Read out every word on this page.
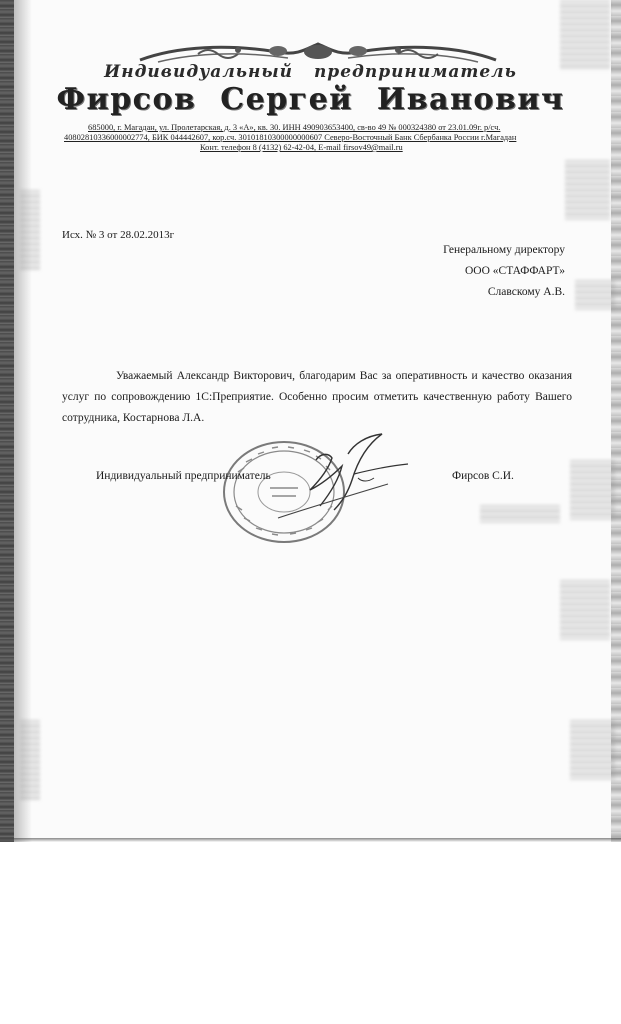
Индивидуальный предприниматель
Фирсов Сергей Иванович
685000, г. Магадан, ул. Пролетарская, д. 3 «А», кв. 30. ИНН 490903653400, св-во 49 № 000324380 от 23.01.09г. р/сч.
40802810336000002774, БИК 044442607, кор.сч. 30101810300000000607 Северо-Восточный Банк Сбербанка России г.Магадан
Конт. телефон 8 (4132) 62-42-04, E-mail firsov49@mail.ru
Исх. № 3 от 28.02.2013г
Генеральному директору
ООО «СТАФФАРТ»
Славскому А.В.
Уважаемый Александр Викторович, благодарим Вас за оперативность и качество оказания услуг по сопровождению 1С:Преприятие. Особенно просим отметить качественную работу Вашего сотрудника, Костарнова Л.А.
Индивидуальный предприниматель	Фирсов С.И.
